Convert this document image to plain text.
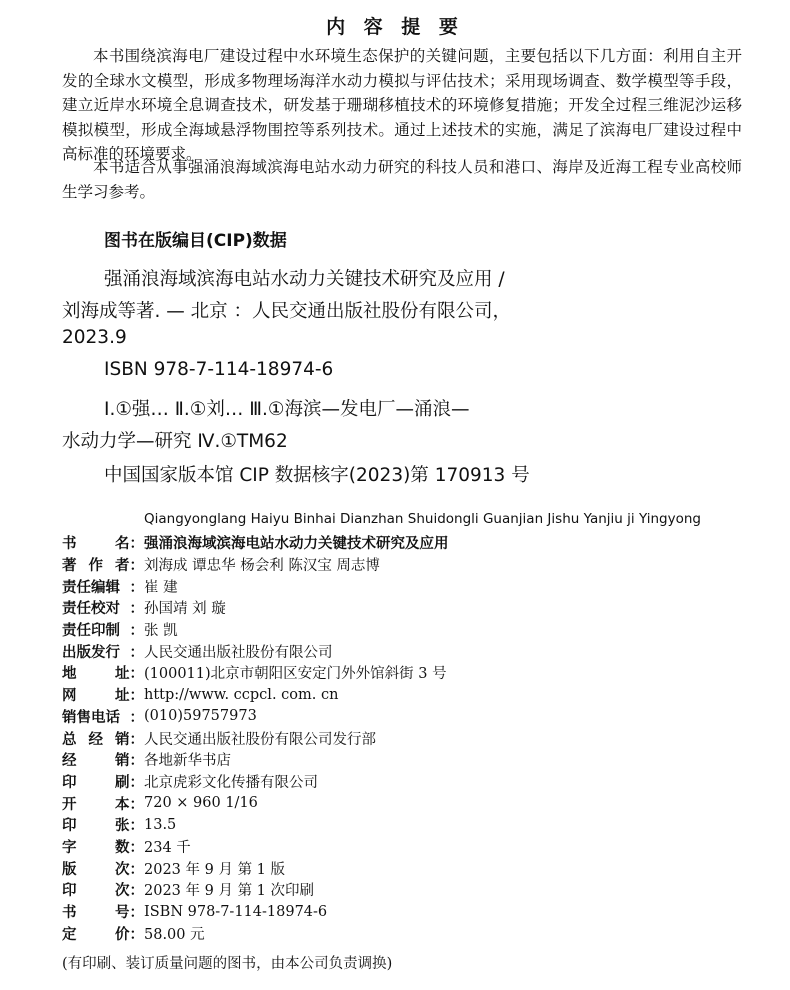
内 容 提 要

本书围绕滨海电厂建设过程中水环境生态保护的关键问题，主要包括以下几方面：利用自主开发的全球水文模型，形成多物理场海洋水动力模拟与评估技术；采用现场调查、数学模型等手段，建立近岸水环境全息调查技术，研发基于珊瑚移植技术的环境修复措施；开发全过程三维泥沙运移模拟模型，形成全海域悬浮物围控等系列技术。通过上述技术的实施，满足了滨海电厂建设过程中高标准的环境要求。

本书适合从事强涌浪海域滨海电站水动力研究的科技人员和港口、海岸及近海工程专业高校师生学习参考。

图书在版编目(CIP)数据
强涌浪海域滨海电站水动力关键技术研究及应用 /
刘海成等著. — 北京 ：人民交通出版社股份有限公司，
2023.9
ISBN 978-7-114-18974-6
Ⅰ.①强… Ⅱ.①刘… Ⅲ.①海滨—发电厂—涌浪—
水动力学—研究 Ⅳ.①TM62
中国国家版本馆 CIP 数据核字(2023)第 170913 号
Qiangyonglang Haiyu Binhai Dianzhan Shuidongli Guanjian Jishu Yanjiu ji Yingyong
书	名 ： 强涌浪海域滨海电站水动力关键技术研究及应用
著 作 者 ： 刘海成 谭忠华 杨会利 陈汉宝 周志博
责任编辑 ： 崔 建
责任校对 ： 孙国靖 刘 璇
责任印制 ： 张 凯
出版发行 ： 人民交通出版社股份有限公司
地	址 ： (100011)北京市朝阳区安定门外外馆斜街 3 号
网	址 ： http://www. ccpcl. com. cn
销售电话 ： (010)59757973
总 经 销 ： 人民交通出版社股份有限公司发行部
经	销 ： 各地新华书店
印	刷 ： 北京虎彩文化传播有限公司
开	本 ： 720 × 960 1/16
印	张 ： 13.5
字	数 ： 234 千
版	次 ： 2023 年 9 月 第 1 版
印	次 ： 2023 年 9 月 第 1 次印刷
书	号 ： ISBN 978-7-114-18974-6
定	价 ： 58.00 元
(有印刷、装订质量问题的图书，由本公司负责调换)
